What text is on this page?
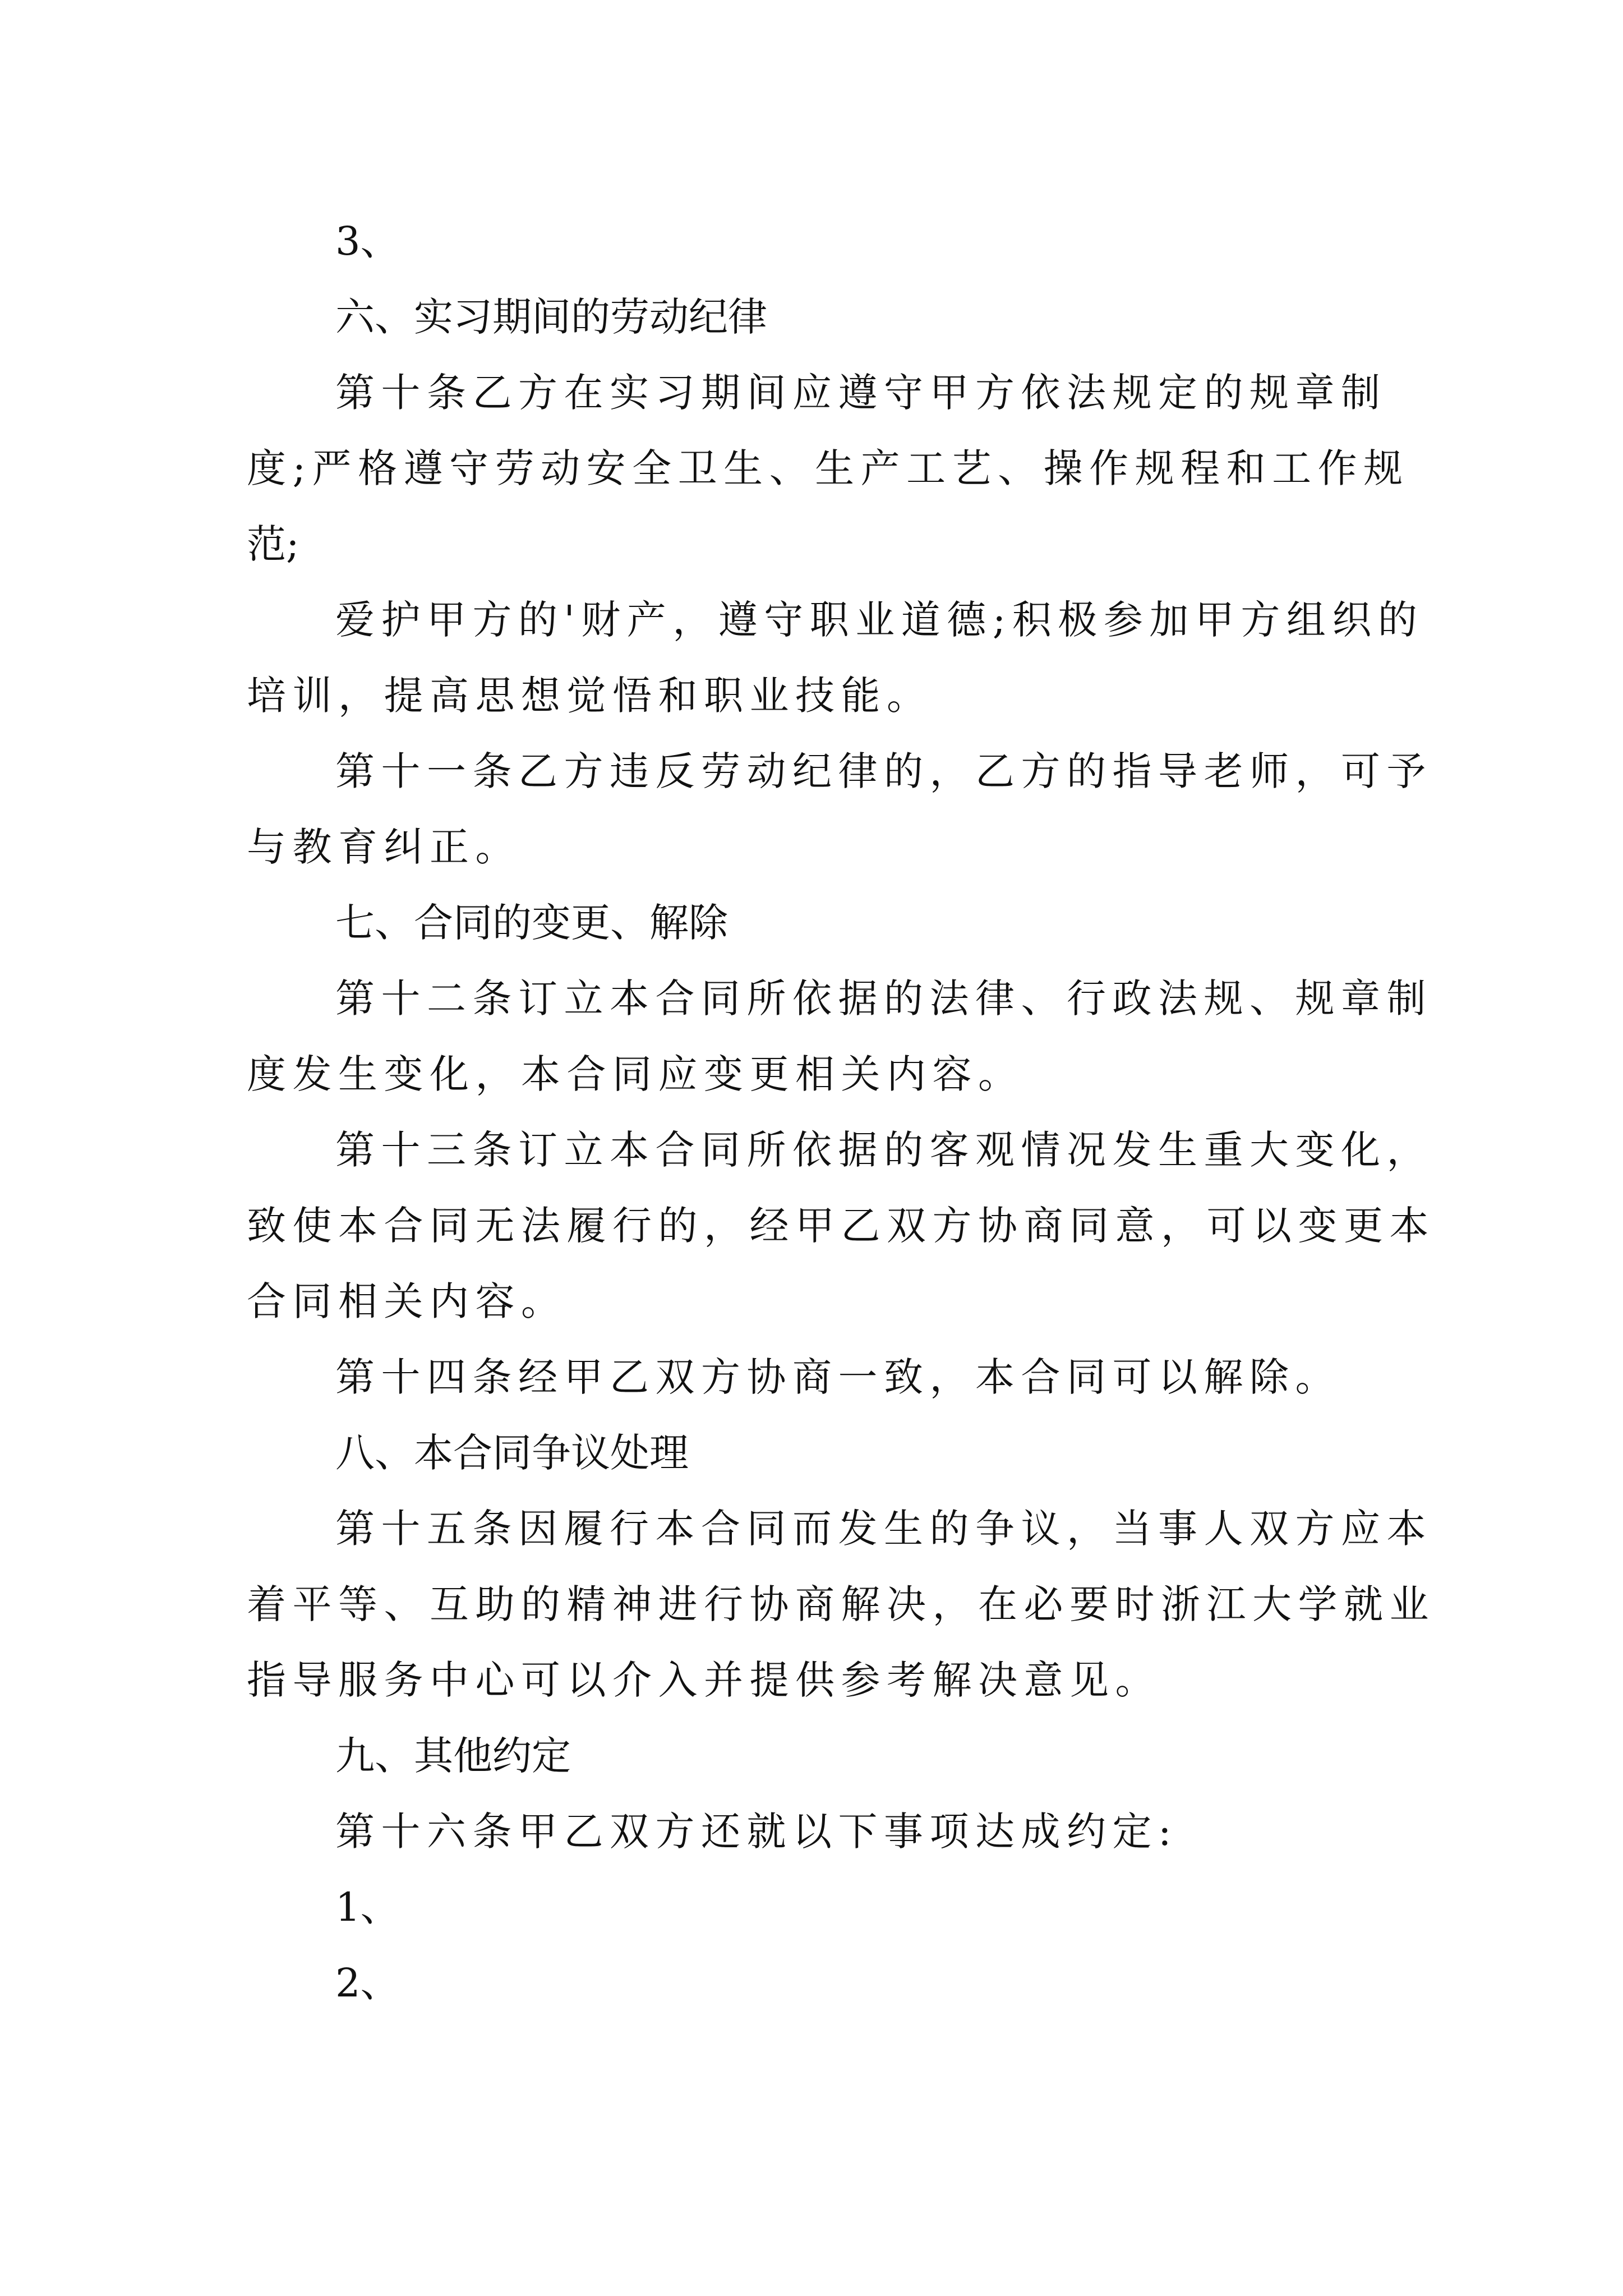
3、
六、实习期间的劳动纪律
第十条乙方在实习期间应遵守甲方依法规定的规章制
度;严格遵守劳动安全卫生、生产工艺、操作规程和工作规
范;
爱护甲方的'财产，遵守职业道德;积极参加甲方组织的
培训，提高思想觉悟和职业技能。
第十一条乙方违反劳动纪律的，乙方的指导老师，可予
与教育纠正。
七、合同的变更、解除
第十二条订立本合同所依据的法律、行政法规、规章制
度发生变化，本合同应变更相关内容。
第十三条订立本合同所依据的客观情况发生重大变化，
致使本合同无法履行的，经甲乙双方协商同意，可以变更本
合同相关内容。
第十四条经甲乙双方协商一致，本合同可以解除。
八、本合同争议处理
第十五条因履行本合同而发生的争议，当事人双方应本
着平等、互助的精神进行协商解决，在必要时浙江大学就业
指导服务中心可以介入并提供参考解决意见。
九、其他约定
第十六条甲乙双方还就以下事项达成约定:
1、
2、
